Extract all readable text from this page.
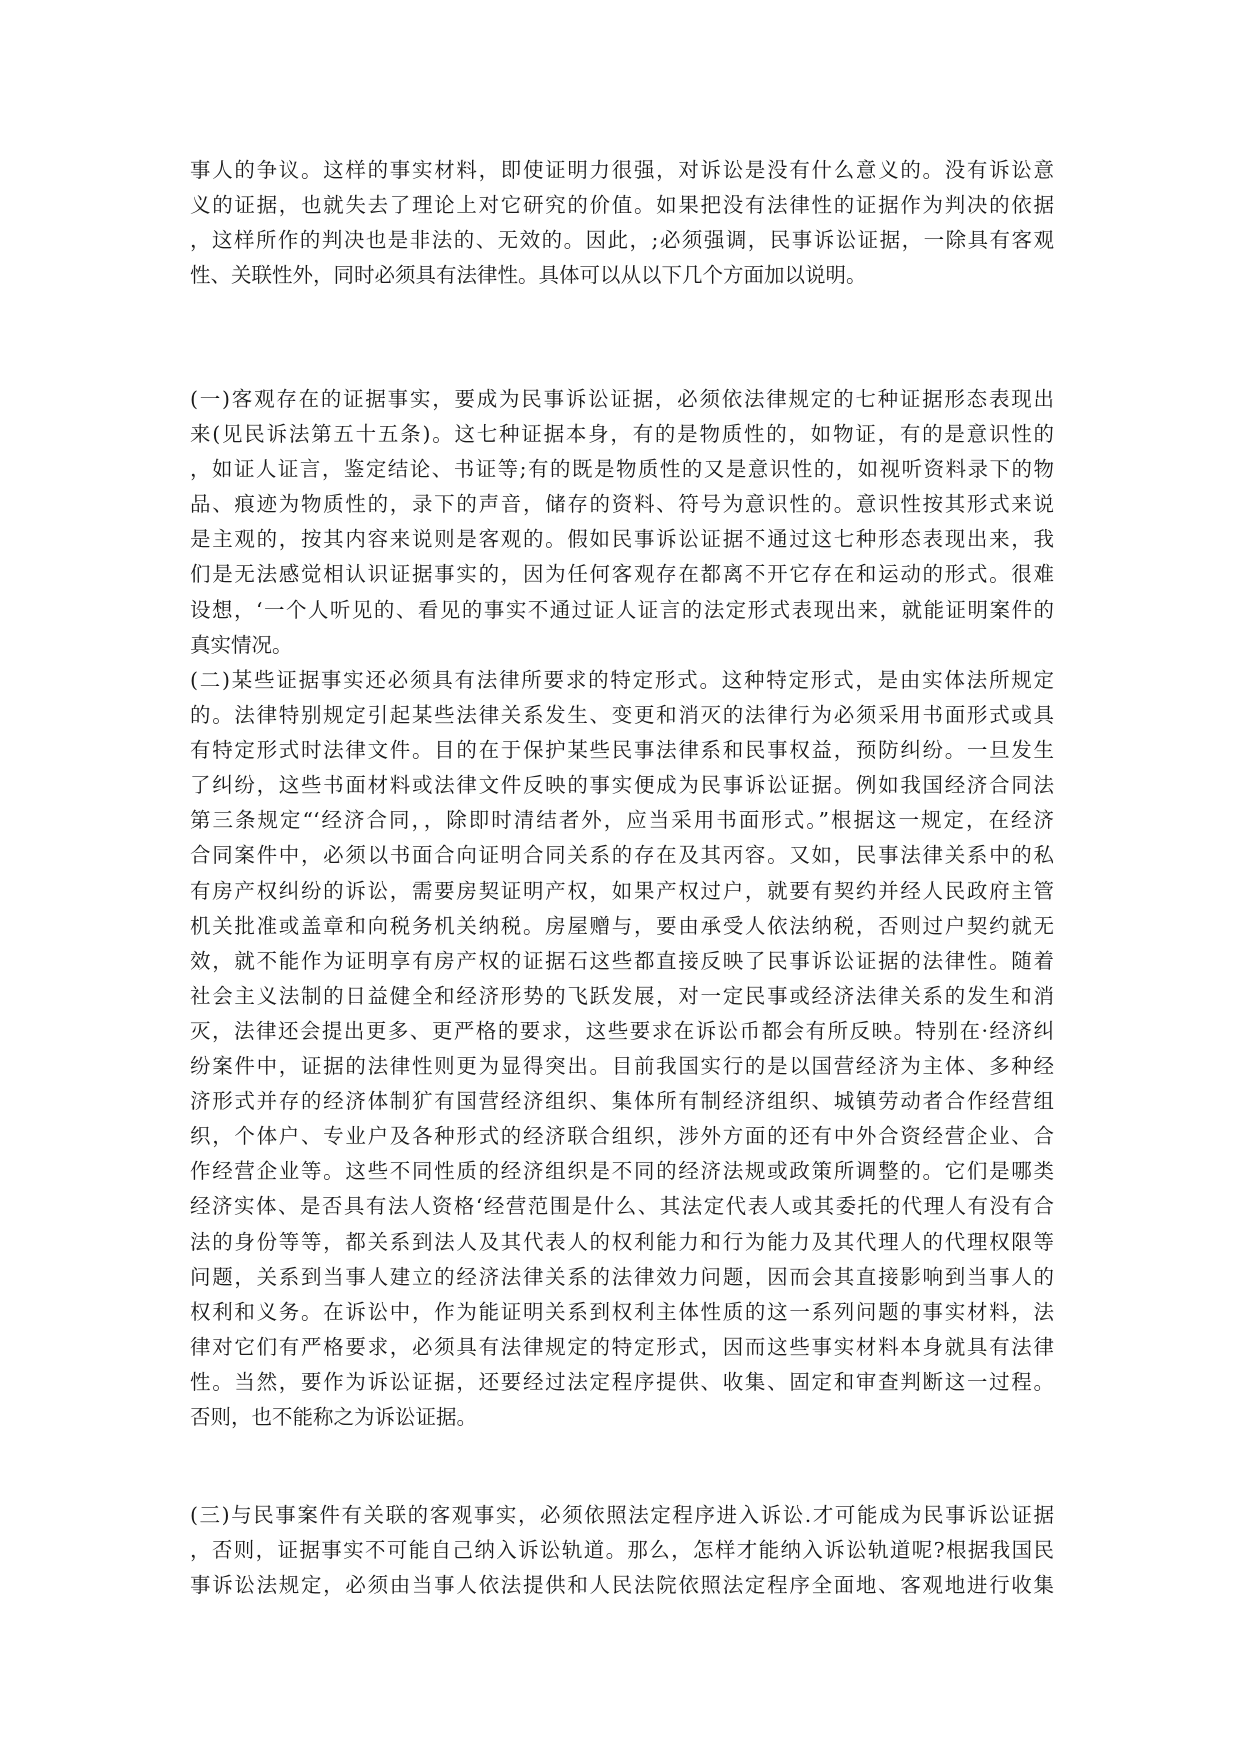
事人的争议。这样的事实材料，即使证明力很强，对诉讼是没有什么意义的。没有诉讼意
义的证据，也就失去了理论上对它研究的价值。如果把没有法律性的证据作为判决的依据
，这样所作的判决也是非法的、无效的。因此，;必须强调，民事诉讼证据，一除具有客观
性、关联性外，同时必须具有法律性。具体可以从以下几个方面加以说明。
(一)客观存在的证据事实，要成为民事诉讼证据，必须依法律规定的七种证据形态表现出
来(见民诉法第五十五条)。这七种证据本身，有的是物质性的，如物证，有的是意识性的
，如证人证言，鉴定结论、书证等;有的既是物质性的又是意识性的，如视听资料录下的物
品、痕迹为物质性的，录下的声音，储存的资料、符号为意识性的。意识性按其形式来说
是主观的，按其内容来说则是客观的。假如民事诉讼证据不通过这七种形态表现出来，我
们是无法感觉相认识证据事实的，因为任何客观存在都离不开它存在和运动的形式。很难
设想，‘一个人听见的、看见的事实不通过证人证言的法定形式表现出来，就能证明案件的
真实情况。
(二)某些证据事实还必须具有法律所要求的特定形式。这种特定形式，是由实体法所规定
的。法律特别规定引起某些法律关系发生、变更和消灭的法律行为必须采用书面形式或具
有特定形式时法律文件。目的在于保护某些民事法律系和民事权益，预防纠纷。一旦发生
了纠纷，这些书面材料或法律文件反映的事实便成为民事诉讼证据。例如我国经济合同法
第三条规定“‘经济合同，，除即时清结者外，应当采用书面形式。”根据这一规定，在经济
合同案件中，必须以书面合向证明合同关系的存在及其丙容。又如，民事法律关系中的私
有房产权纠纷的诉讼，需要房契证明产权，如果产权过户，就要有契约并经人民政府主管
机关批准或盖章和向税务机关纳税。房屋赠与，要由承受人依法纳税，否则过户契约就无
效，就不能作为证明享有房产权的证据石这些都直接反映了民事诉讼证据的法律性。随着
社会主义法制的日益健全和经济形势的飞跃发展，对一定民事或经济法律关系的发生和消
灭，法律还会提出更多、更严格的要求，这些要求在诉讼币都会有所反映。特别在·经济纠
纷案件中，证据的法律性则更为显得突出。目前我国实行的是以国营经济为主体、多种经
济形式并存的经济体制犷有国营经济组织、集体所有制经济组织、城镇劳动者合作经营组
织，个体户、专业户及各种形式的经济联合组织，涉外方面的还有中外合资经营企业、合
作经营企业等。这些不同性质的经济组织是不同的经济法规或政策所调整的。它们是哪类
经济实体、是否具有法人资格‘经营范围是什么、其法定代表人或其委托的代理人有没有合
法的身份等等，都关系到法人及其代表人的权利能力和行为能力及其代理人的代理权限等
问题，关系到当事人建立的经济法律关系的法律效力问题，因而会其直接影响到当事人的
权利和义务。在诉讼中，作为能证明关系到权利主体性质的这一系列问题的事实材料，法
律对它们有严格要求，必须具有法律规定的特定形式，因而这些事实材料本身就具有法律
性。当然，要作为诉讼证据，还要经过法定程序提供、收集、固定和审查判断这一过程。
否则，也不能称之为诉讼证据。
(三)与民事案件有关联的客观事实，必须依照法定程序进入诉讼.才可能成为民事诉讼证据
，否则，证据事实不可能自己纳入诉讼轨道。那么，怎样才能纳入诉讼轨道呢?根据我国民
事诉讼法规定，必须由当事人依法提供和人民法院依照法定程序全面地、客观地进行收集
